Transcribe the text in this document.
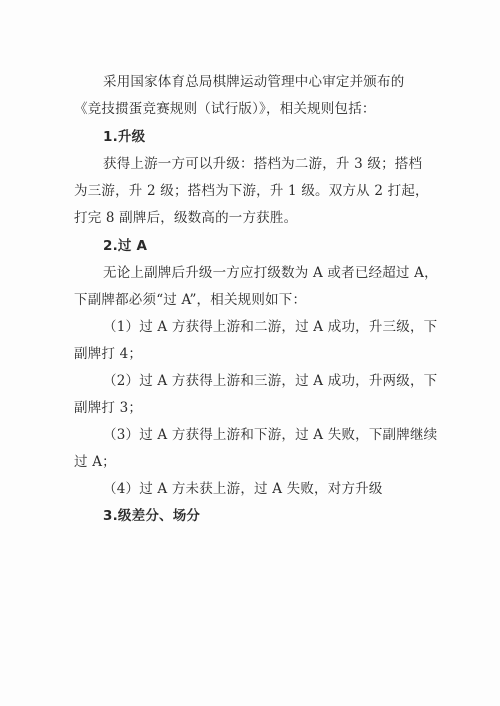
采用国家体育总局棋牌运动管理中心审定并颁布的
《竞技掼蛋竞赛规则（试行版）》，相关规则包括：
1.升级
获得上游一方可以升级：搭档为二游，升 3 级；搭档
为三游，升 2 级；搭档为下游，升 1 级。双方从 2 打起，
打完 8 副牌后，级数高的一方获胜。
2.过 A
无论上副牌后升级一方应打级数为 A 或者已经超过 A，
下副牌都必须“过 A”，相关规则如下：
（1）过 A 方获得上游和二游，过 A 成功，升三级，下
副牌打 4；
（2）过 A 方获得上游和三游，过 A 成功，升两级，下
副牌打 3；
（3）过 A 方获得上游和下游，过 A 失败，下副牌继续
过 A；
（4）过 A 方未获上游，过 A 失败，对方升级
3.级差分、场分
